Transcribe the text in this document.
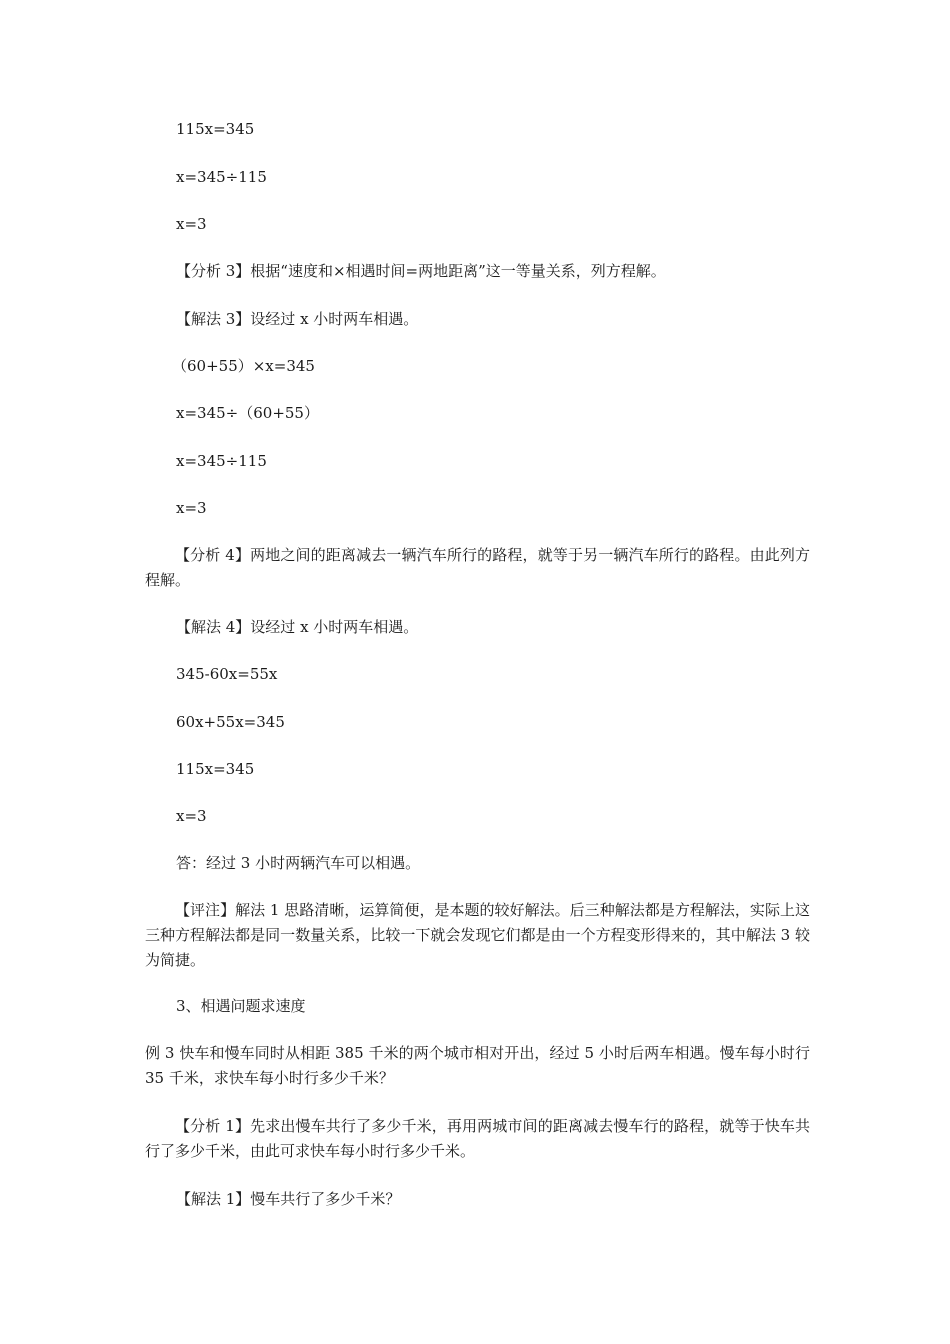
115x=345
x=345÷115
x=3
【分析 3】根据“速度和×相遇时间=两地距离”这一等量关系，列方程解。
【解法 3】设经过 x 小时两车相遇。
（60+55）×x=345
x=345÷（60+55）
x=345÷115
x=3
【分析 4】两地之间的距离减去一辆汽车所行的路程，就等于另一辆汽车所行的路程。由此列方程解。
【解法 4】设经过 x 小时两车相遇。
345-60x=55x
60x+55x=345
115x=345
x=3
答：经过 3 小时两辆汽车可以相遇。
【评注】解法 1 思路清晰，运算简便，是本题的较好解法。后三种解法都是方程解法，实际上这三种方程解法都是同一数量关系，比较一下就会发现它们都是由一个方程变形得来的，其中解法 3 较为简捷。
3、相遇问题求速度
例 3 快车和慢车同时从相距 385 千米的两个城市相对开出，经过 5 小时后两车相遇。慢车每小时行 35 千米，求快车每小时行多少千米？
【分析 1】先求出慢车共行了多少千米，再用两城市间的距离减去慢车行的路程，就等于快车共行了多少千米，由此可求快车每小时行多少千米。
【解法 1】慢车共行了多少千米？
